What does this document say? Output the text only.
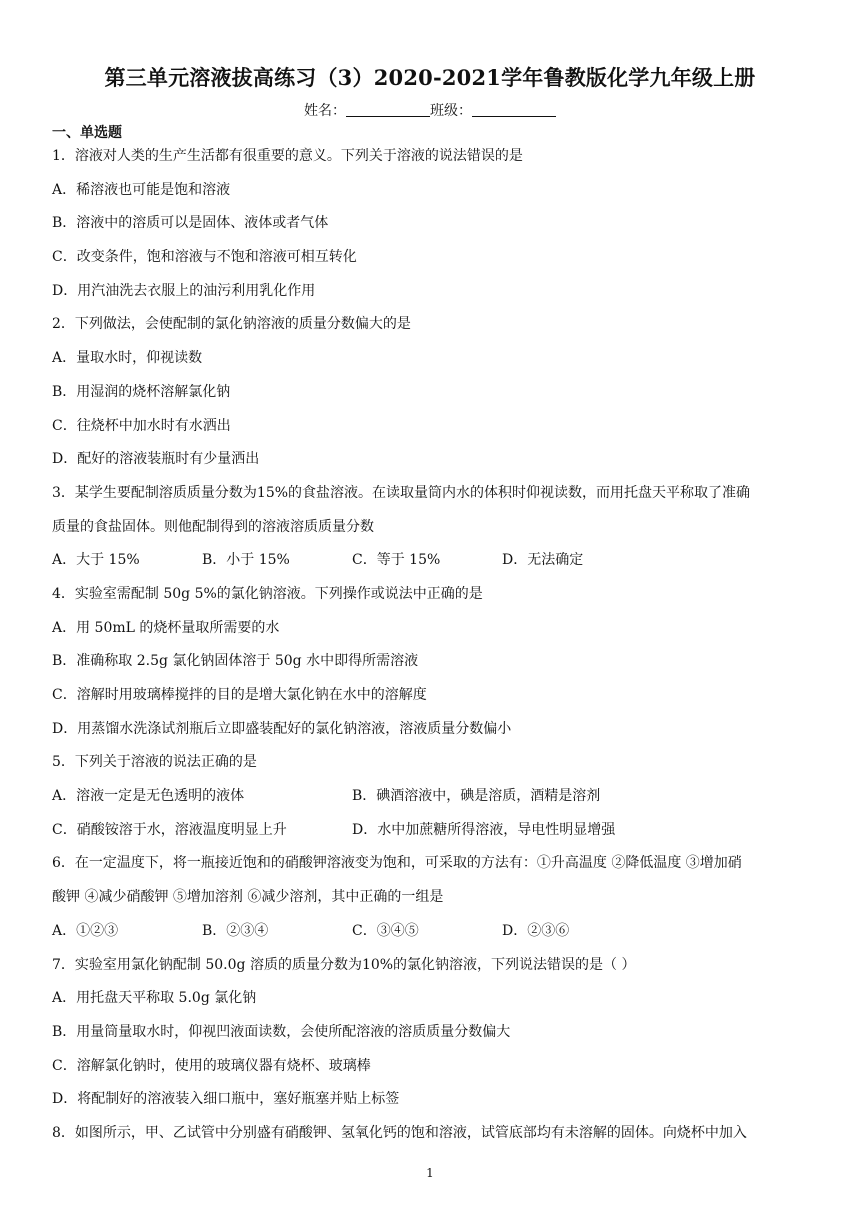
第三单元溶液拔高练习（3）2020-2021学年鲁教版化学九年级上册
姓名：	班级：
一、单选题
1．溶液对人类的生产生活都有很重要的意义。下列关于溶液的说法错误的是
A．稀溶液也可能是饱和溶液
B．溶液中的溶质可以是固体、液体或者气体
C．改变条件，饱和溶液与不饱和溶液可相互转化
D．用汽油洗去衣服上的油污利用乳化作用
2．下列做法，会使配制的氯化钠溶液的质量分数偏大的是
A．量取水时，仰视读数
B．用湿润的烧杯溶解氯化钠
C．往烧杯中加水时有水洒出
D．配好的溶液装瓶时有少量洒出
3．某学生要配制溶质质量分数为15%的食盐溶液。在读取量筒内水的体积时仰视读数，而用托盘天平称取了准确
质量的食盐固体。则他配制得到的溶液溶质质量分数
A．大于 15%	B．小于 15%	C．等于 15%	D．无法确定
4．实验室需配制 50g 5%的氯化钠溶液。下列操作或说法中正确的是
A．用 50mL 的烧杯量取所需要的水
B．准确称取 2.5g 氯化钠固体溶于 50g 水中即得所需溶液
C．溶解时用玻璃棒搅拌的目的是增大氯化钠在水中的溶解度
D．用蒸馏水洗涤试剂瓶后立即盛装配好的氯化钠溶液，溶液质量分数偏小
5．下列关于溶液的说法正确的是
A．溶液一定是无色透明的液体	B．碘酒溶液中，碘是溶质，酒精是溶剂
C．硝酸铵溶于水，溶液温度明显上升	D．水中加蔗糖所得溶液，导电性明显增强
6．在一定温度下，将一瓶接近饱和的硝酸钾溶液变为饱和，可采取的方法有：①升高温度 ②降低温度 ③增加硝
酸钾 ④减少硝酸钾 ⑤增加溶剂 ⑥减少溶剂，其中正确的一组是
A．①②③	B．②③④	C．③④⑤	D．②③⑥
7．实验室用氯化钠配制 50.0g 溶质的质量分数为10%的氯化钠溶液，下列说法错误的是（ ）
A．用托盘天平称取 5.0g 氯化钠
B．用量筒量取水时，仰视凹液面读数，会使所配溶液的溶质质量分数偏大
C．溶解氯化钠时，使用的玻璃仪器有烧杯、玻璃棒
D．将配制好的溶液装入细口瓶中，塞好瓶塞并贴上标签
8．如图所示，甲、乙试管中分别盛有硝酸钾、氢氧化钙的饱和溶液，试管底部均有未溶解的固体。向烧杯中加入
1
